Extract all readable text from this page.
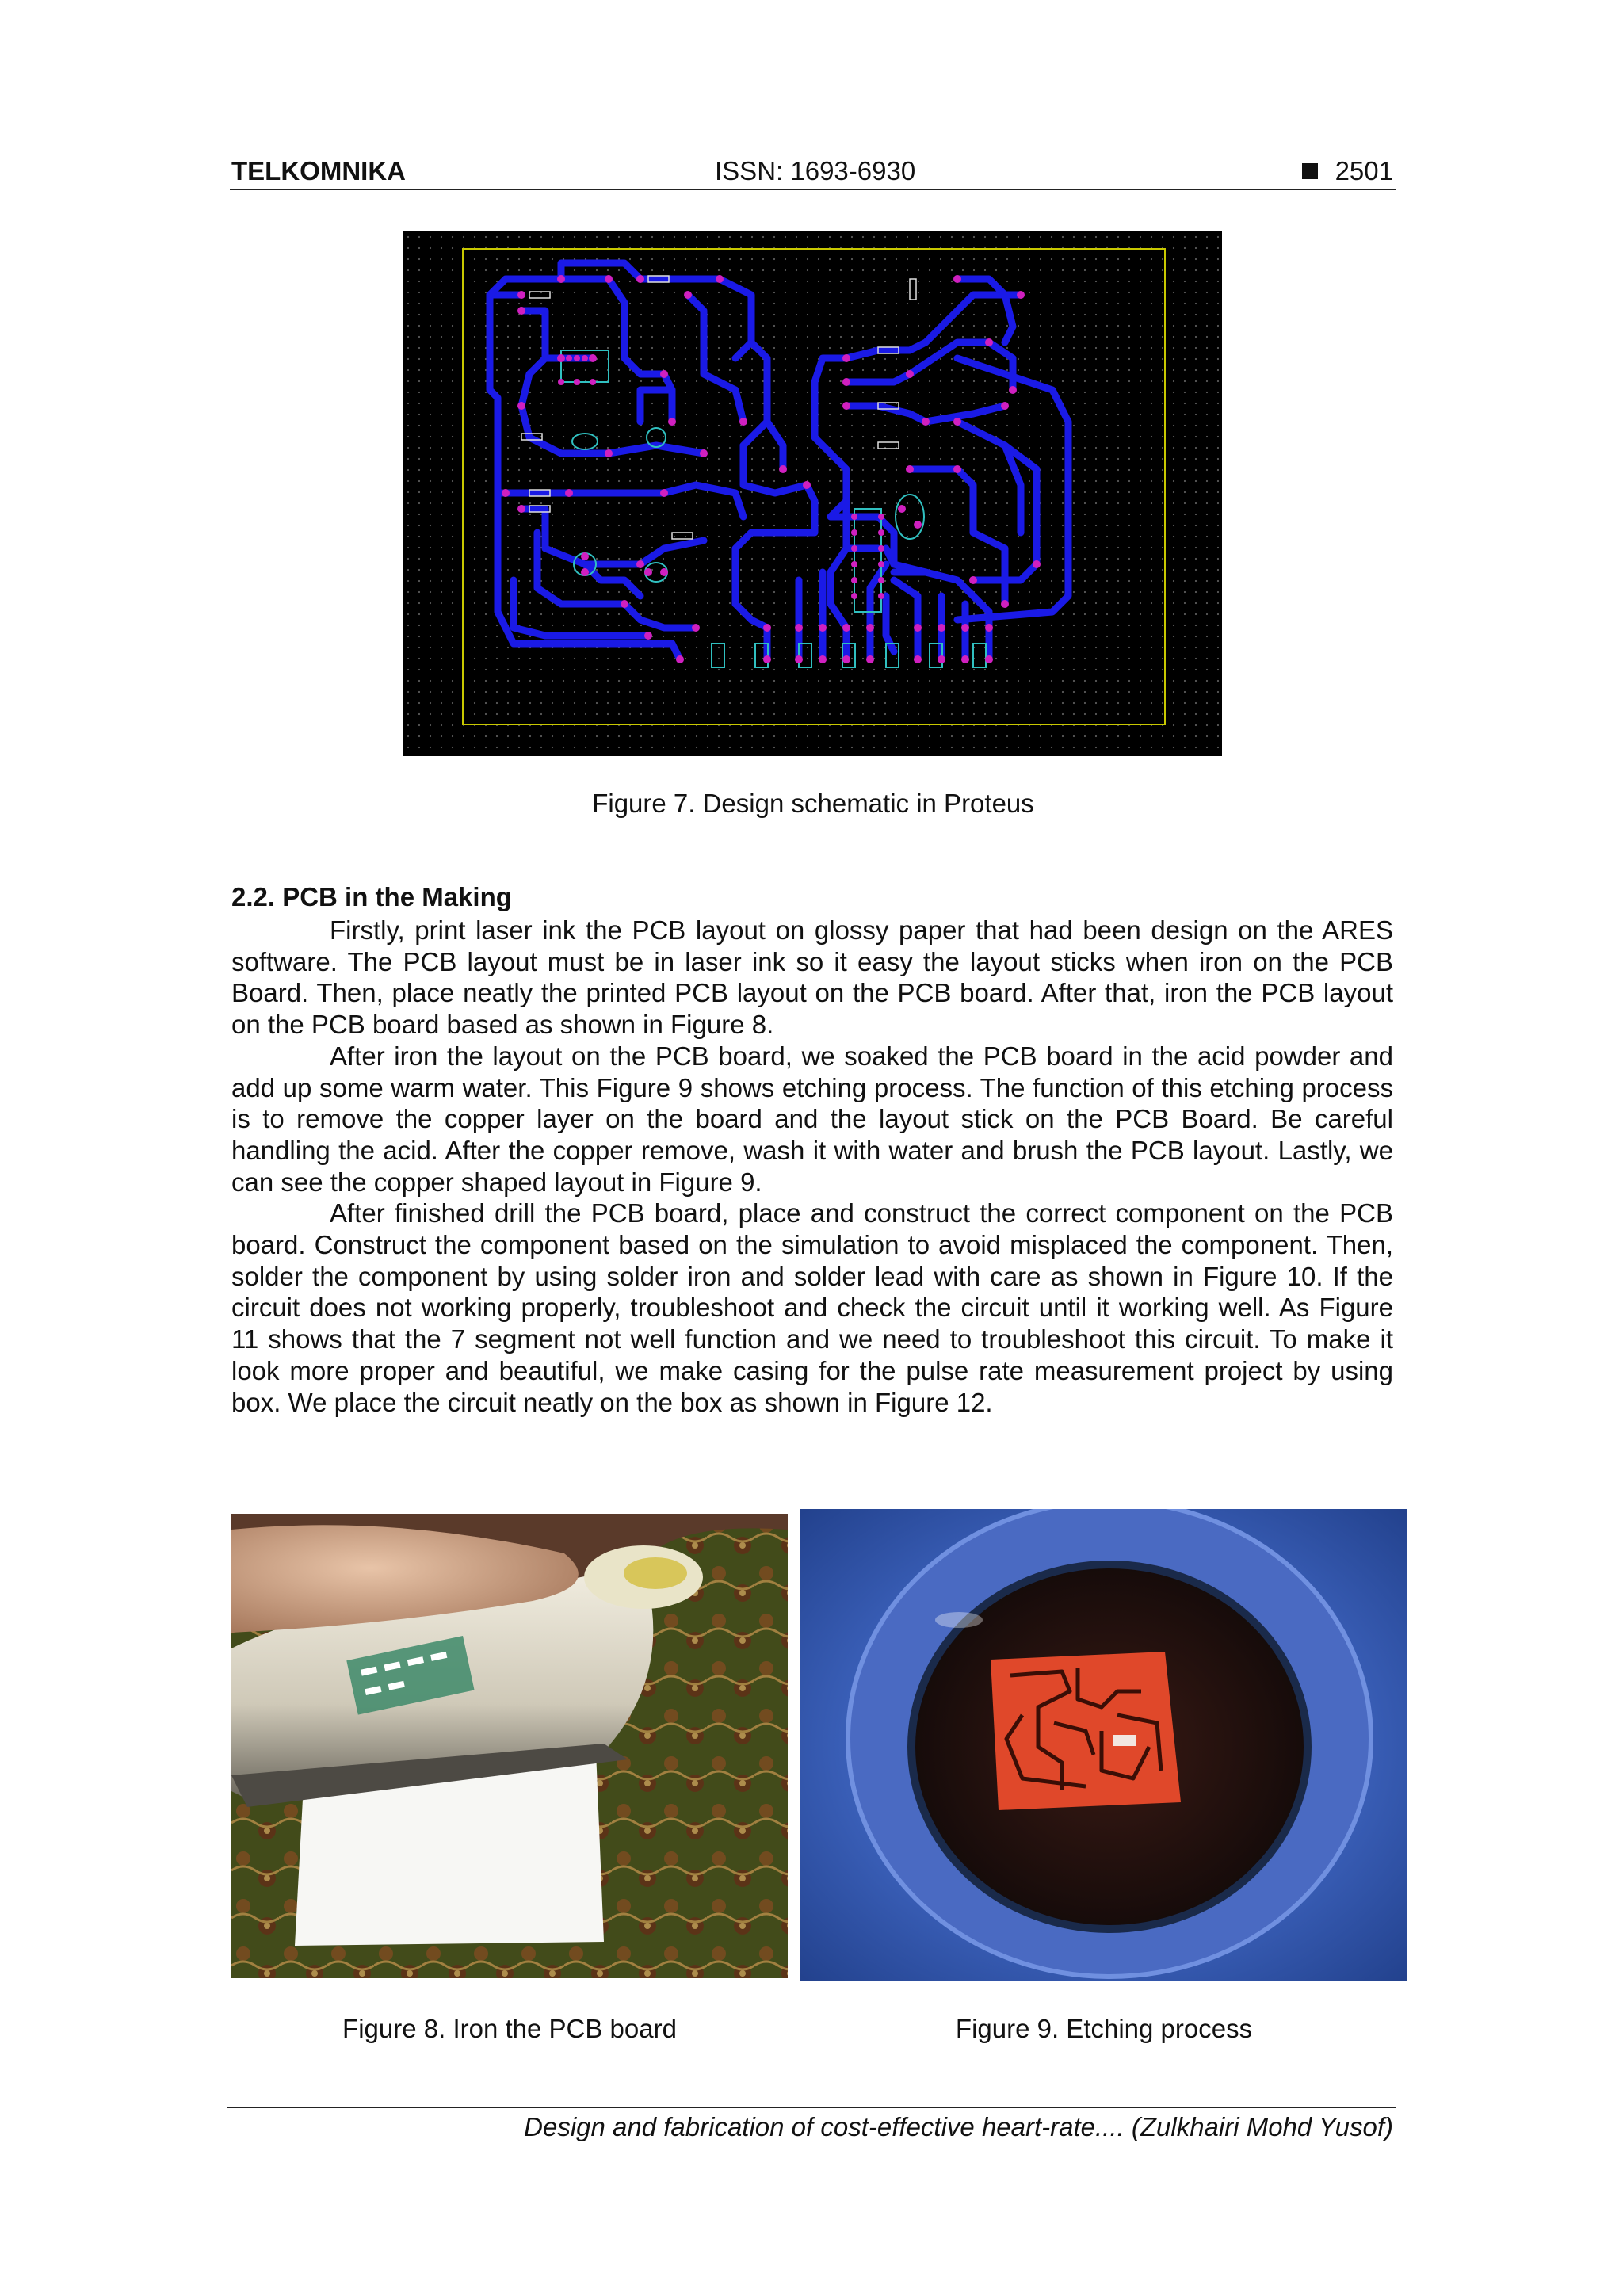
TELKOMNIKA	ISSN: 1693-6930	2501
Figure 7. Design schematic in Proteus
2.2. PCB in the Making

Firstly, print laser ink the PCB layout on glossy paper that had been design on the ARES software. The PCB layout must be in laser ink so it easy the layout sticks when iron on the PCB Board. Then, place neatly the printed PCB layout on the PCB board. After that, iron the PCB layout on the PCB board based as shown in Figure 8.

After iron the layout on the PCB board, we soaked the PCB board in the acid powder and add up some warm water. This Figure 9 shows etching process. The function of this etching process is to remove the copper layer on the board and the layout stick on the PCB Board. Be careful handling the acid. After the copper remove, wash it with water and brush the PCB layout. Lastly, we can see the copper shaped layout in Figure 9.

After finished drill the PCB board, place and construct the correct component on the PCB board. Construct the component based on the simulation to avoid misplaced the component. Then, solder the component by using solder iron and solder lead with care as shown in Figure 10. If the circuit does not working properly, troubleshoot and check the circuit until it working well. As Figure 11 shows that the 7 segment not well function and we need to troubleshoot this circuit. To make it look more proper and beautiful, we make casing for the pulse rate measurement project by using box. We place the circuit neatly on the box as shown in Figure 12.

Figure 8. Iron the PCB board	Figure 9. Etching process
Design and fabrication of cost-effective heart-rate.... (Zulkhairi Mohd Yusof)
